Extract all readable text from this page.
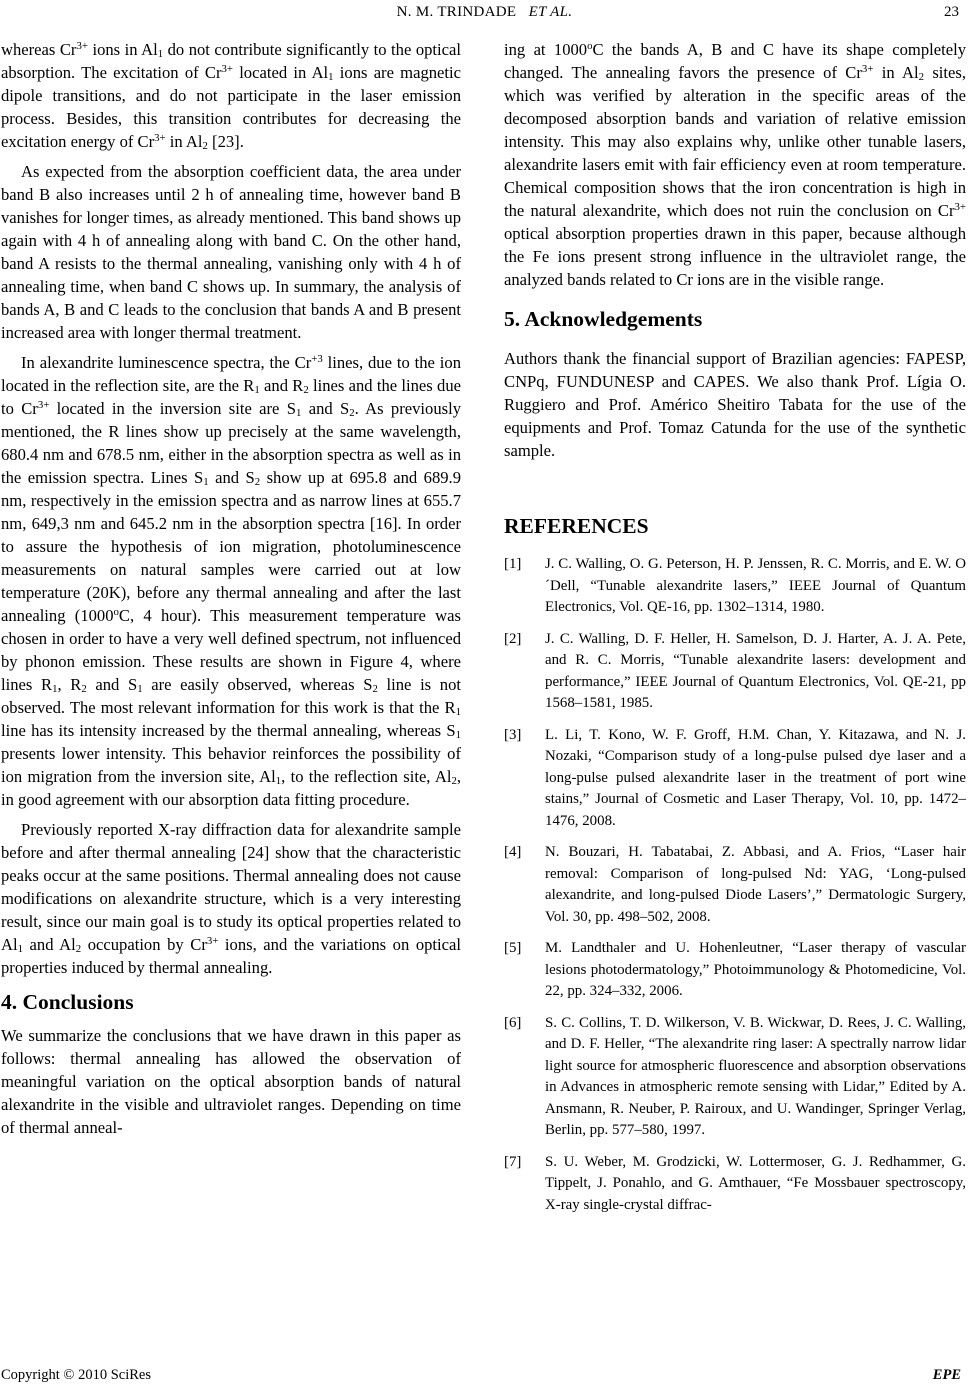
N. M. TRINDADE ET AL.	23

whereas $Cr^{3+}$ ions in $Al_1$ do not contribute significantly to the optical absorption. The excitation of $Cr^{3+}$ located in $Al_1$ ions are magnetic dipole transitions, and do not participate in the laser emission process. Besides, this transition contributes for decreasing the excitation energy of $Cr^{3+}$ in $Al_2$ [23].

As expected from the absorption coefficient data, the area under band B also increases until 2 h of annealing time, however band B vanishes for longer times, as already mentioned. This band shows up again with 4 h of annealing along with band C. On the other hand, band A resists to the thermal annealing, vanishing only with 4 h of annealing time, when band C shows up. In summary, the analysis of bands A, B and C leads to the conclusion that bands A and B present increased area with longer thermal treatment.

In alexandrite luminescence spectra, the $Cr^{+3}$ lines, due to the ion located in the reflection site, are the $R_1$ and $R_2$ lines and the lines due to $Cr^{3+}$ located in the inversion site are $S_1$ and $S_2$. As previously mentioned, the R lines show up precisely at the same wavelength, 680.4 nm and 678.5 nm, either in the absorption spectra as well as in the emission spectra. Lines $S_1$ and $S_2$ show up at 695.8 and 689.9 nm, respectively in the emission spectra and as narrow lines at 655.7 nm, 649,3 nm and 645.2 nm in the absorption spectra [16]. In order to assure the hypothesis of ion migration, photoluminescence measurements on natural samples were carried out at low temperature (20K), before any thermal annealing and after the last annealing (1000$^o$C, 4 hour). This measurement temperature was chosen in order to have a very well defined spectrum, not influenced by phonon emission. These results are shown in Figure 4, where lines $R_1$, $R_2$ and $S_1$ are easily observed, whereas $S_2$ line is not observed. The most relevant information for this work is that the $R_1$ line has its intensity increased by the thermal annealing, whereas $S_1$ presents lower intensity. This behavior reinforces the possibility of ion migration from the inversion site, $Al_1$, to the reflection site, $Al_2$, in good agreement with our absorption data fitting procedure.

Previously reported X-ray diffraction data for alexandrite sample before and after thermal annealing [24] show that the characteristic peaks occur at the same positions. Thermal annealing does not cause modifications on alexandrite structure, which is a very interesting result, since our main goal is to study its optical properties related to $Al_1$ and $Al_2$ occupation by $Cr^{3+}$ ions, and the variations on optical properties induced by thermal annealing.

4. Conclusions

We summarize the conclusions that we have drawn in this paper as follows: thermal annealing has allowed the observation of meaningful variation on the optical absorption bands of natural alexandrite in the visible and ultraviolet ranges. Depending on time of thermal anneal-

ing at 1000$^o$C the bands A, B and C have its shape completely changed. The annealing favors the presence of $Cr^{3+}$ in $Al_2$ sites, which was verified by alteration in the specific areas of the decomposed absorption bands and variation of relative emission intensity. This may also explains why, unlike other tunable lasers, alexandrite lasers emit with fair efficiency even at room temperature. Chemical composition shows that the iron concentration is high in the natural alexandrite, which does not ruin the conclusion on $Cr^{3+}$ optical absorption properties drawn in this paper, because although the Fe ions present strong influence in the ultraviolet range, the analyzed bands related to Cr ions are in the visible range.

5. Acknowledgements

Authors thank the financial support of Brazilian agencies: FAPESP, CNPq, FUNDUNESP and CAPES. We also thank Prof. Lígia O. Ruggiero and Prof. Américo Sheitiro Tabata for the use of the equipments and Prof. Tomaz Catunda for the use of the synthetic sample.

REFERENCES
[1] J. C. Walling, O. G. Peterson, H. P. Jenssen, R. C. Morris, and E. W. O´Dell, “Tunable alexandrite lasers,” IEEE Journal of Quantum Electronics, Vol. QE-16, pp. 1302–1314, 1980.
[2] J. C. Walling, D. F. Heller, H. Samelson, D. J. Harter, A. J. A. Pete, and R. C. Morris, “Tunable alexandrite lasers: development and performance,” IEEE Journal of Quantum Electronics, Vol. QE-21, pp 1568–1581, 1985.
[3] L. Li, T. Kono, W. F. Groff, H.M. Chan, Y. Kitazawa, and N. J. Nozaki, “Comparison study of a long-pulse pulsed dye laser and a long-pulse pulsed alexandrite laser in the treatment of port wine stains,” Journal of Cosmetic and Laser Therapy, Vol. 10, pp. 1472–1476, 2008.
[4] N. Bouzari, H. Tabatabai, Z. Abbasi, and A. Frios, “Laser hair removal: Comparison of long-pulsed Nd: YAG, ‘Long-pulsed alexandrite, and long-pulsed Diode Lasers’,” Dermatologic Surgery, Vol. 30, pp. 498–502, 2008.
[5] M. Landthaler and U. Hohenleutner, “Laser therapy of vascular lesions photodermatology,” Photoimmunology & Photomedicine, Vol. 22, pp. 324–332, 2006.
[6] S. C. Collins, T. D. Wilkerson, V. B. Wickwar, D. Rees, J. C. Walling, and D. F. Heller, “The alexandrite ring laser: A spectrally narrow lidar light source for atmospheric fluorescence and absorption observations in Advances in atmospheric remote sensing with Lidar,” Edited by A. Ansmann, R. Neuber, P. Rairoux, and U. Wandinger, Springer Verlag, Berlin, pp. 577–580, 1997.
[7] S. U. Weber, M. Grodzicki, W. Lottermoser, G. J. Redhammer, G. Tippelt, J. Ponahlo, and G. Amthauer, “Fe Mossbauer spectroscopy, X-ray single-crystal diffrac-
Copyright © 2010 SciRes	EPE
